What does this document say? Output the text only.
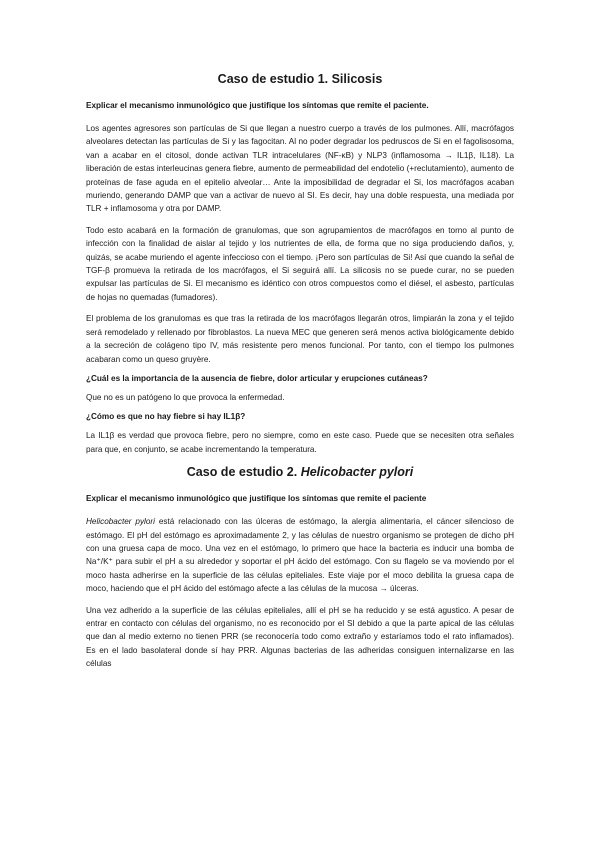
Caso de estudio 1. Silicosis
Explicar el mecanismo inmunológico que justifique los síntomas que remite el paciente.

Los agentes agresores son partículas de Si que llegan a nuestro cuerpo a través de los pulmones. Allí, macrófagos alveolares detectan las partículas de Si y las fagocitan. Al no poder degradar los pedruscos de Si en el fagolisosoma, van a acabar en el citosol, donde activan TLR intracelulares (NF-κB) y NLP3 (inflamosoma → IL1β, IL18). La liberación de estas interleucinas genera fiebre, aumento de permeabilidad del endotelio (+reclutamiento), aumento de proteínas de fase aguda en el epitelio alveolar… Ante la imposibilidad de degradar el Si, los macrófagos acaban muriendo, generando DAMP que van a activar de nuevo al SI. Es decir, hay una doble respuesta, una mediada por TLR + inflamosoma y otra por DAMP.

Todo esto acabará en la formación de granulomas, que son agrupamientos de macrófagos en torno al punto de infección con la finalidad de aislar al tejido y los nutrientes de ella, de forma que no siga produciendo daños, y, quizás, se acabe muriendo el agente infeccioso con el tiempo. ¡Pero son partículas de Si! Así que cuando la señal de TGF-β promueva la retirada de los macrófagos, el Si seguirá allí. La silicosis no se puede curar, no se pueden expulsar las partículas de Si. El mecanismo es idéntico con otros compuestos como el diésel, el asbesto, partículas de hojas no quemadas (fumadores).

El problema de los granulomas es que tras la retirada de los macrófagos llegarán otros, limpiarán la zona y el tejido será remodelado y rellenado por fibroblastos. La nueva MEC que generen será menos activa biológicamente debido a la secreción de colágeno tipo IV, más resistente pero menos funcional. Por tanto, con el tiempo los pulmones acabaran como un queso gruyère.

¿Cuál es la importancia de la ausencia de fiebre, dolor articular y erupciones cutáneas?

Que no es un patógeno lo que provoca la enfermedad.

¿Cómo es que no hay fiebre si hay IL1β?

La IL1β es verdad que provoca fiebre, pero no siempre, como en este caso. Puede que se necesiten otra señales para que, en conjunto, se acabe incrementando la temperatura.

Caso de estudio 2. Helicobacter pylori
Explicar el mecanismo inmunológico que justifique los síntomas que remite el paciente

Helicobacter pylori está relacionado con las úlceras de estómago, la alergia alimentaria, el cáncer silencioso de estómago. El pH del estómago es aproximadamente 2, y las células de nuestro organismo se protegen de dicho pH con una gruesa capa de moco. Una vez en el estómago, lo primero que hace la bacteria es inducir una bomba de Na⁺/K⁺ para subir el pH a su alrededor y soportar el pH ácido del estómago. Con su flagelo se va moviendo por el moco hasta adherirse en la superficie de las células epiteliales. Este viaje por el moco debilita la gruesa capa de moco, haciendo que el pH ácido del estómago afecte a las células de la mucosa → úlceras.

Una vez adherido a la superficie de las células epiteliales, allí el pH se ha reducido y se está agustico. A pesar de entrar en contacto con células del organismo, no es reconocido por el SI debido a que la parte apical de las células que dan al medio externo no tienen PRR (se reconocería todo como extraño y estaríamos todo el rato inflamados). Es en el lado basolateral donde sí hay PRR. Algunas bacterias de las adheridas consiguen internalizarse en las células
